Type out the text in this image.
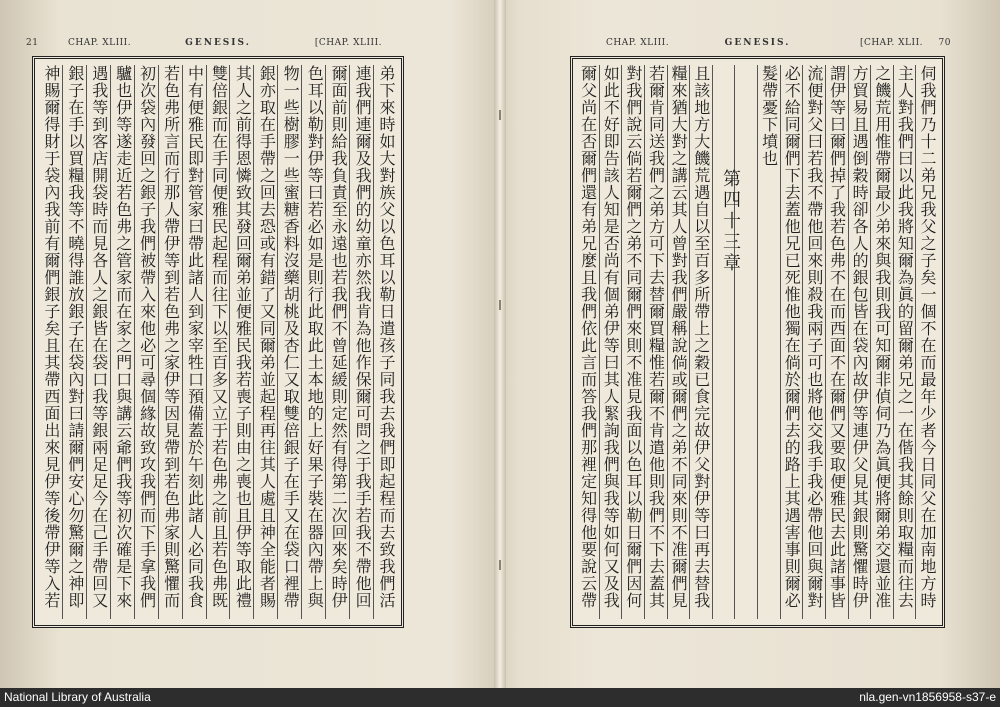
21	CHAP. XLIII.	GENESIS.	[CHAP. XLIII.
弟下來時如大對族父以色耳以勒日遣孩子同我去我們即起程而去致我們活
連我們連爾及我們的幼童亦然我肯為他作保爾可問之于我手若我不帶他回
爾面前則給我負責至永遠也若我們不曾延緩則定然有得第二次回來矣時伊
色耳以勒對伊等曰若必如是則行此取此土本地的上好果子裝在器內帶上與
物一些樹膠一些蜜糖香料沒藥胡桃及杏仁又取雙倍銀子在手又在袋口裡帶
銀亦取在手帶之回去恐或有錯了又同爾弟並起程再往其人處且神全能者賜
其人之前得恩憐致其發回爾弟並便雅民我若喪子則由之喪也且伊等取此禮
雙倍銀而在手同便雅民起程而往下以至百多又立于若色弗之前且若色弗既
中有便雅民即對管家曰帶此諸人到家宰牲口預備蓋於午刻此諸人必同我食
若色弗所言而行那人帶伊等到若色弗之家伊等因見帶到若色弗家則驚懼而
初次袋內發回之銀子我們被帶入來他必可尋個緣故致攻我們而下手拿我們
驢也伊等遂走近若色弗之管家而在家之門口與講云爺們我等初次確是下來
遇我等到客店開袋時而見各人之銀皆在袋口我等銀兩足足今在己手帶回又
銀子在手以買糧我等不曉得誰放銀子在袋內對曰請爾們安心勿驚爾之神即
神賜爾得財于袋內我前有爾們銀子矣且其帶西面出來見伊等後帶伊等入若
CHAP. XLIII.	GENESIS.	[CHAP. XLII. 70
伺我們乃十二弟兄我父之子矣一個不在而最年少者今日同父在加南地方時
主人對我們曰以此我將知爾為眞的留爾弟兄之一在偕我其餘則取糧而往去
之饑荒用惟帶爾最少弟來與我則我可知爾非偵伺乃為眞便將爾弟交還並准
方貿易且遇倒穀時卻各人的銀包皆在袋內故伊等連伊父見其銀則驚懼時伊
謂伊等曰爾們掉了我若色弗不在而西面不在爾們又要取便雅民去此諸事皆
流便對父曰若我不帶他回來則殺我兩子可也將他交我手我必帶他回與爾對
必不給同爾們下去蓋他兄已死惟他獨在倘於爾們去的路上其遇害事則爾必
髮帶憂下墳也
且該地方大饑荒遇自以至百多所帶上之穀已食完故伊父對伊等曰再去替我
糧來猶大對之講云其人曾對我們嚴稱說倘或爾們之弟不同來則不准爾們見
若爾肯同送我們之弟方可下去替爾買糧惟若爾不肯遣他則我們不下去蓋其
對我們說云倘若爾們之弟不同爾們來則不准見我面以色耳以勒日爾們因何
如此不好即告該人知是否尚有個弟伊等曰其人緊詢我們與我等如何又及我
爾父尚在否爾們還有弟兄麼且我們依此言而答我們那裡定知得他要說云帶
第四十三章
National Library of Australia	nla.gen-vn1856958-s37-e
